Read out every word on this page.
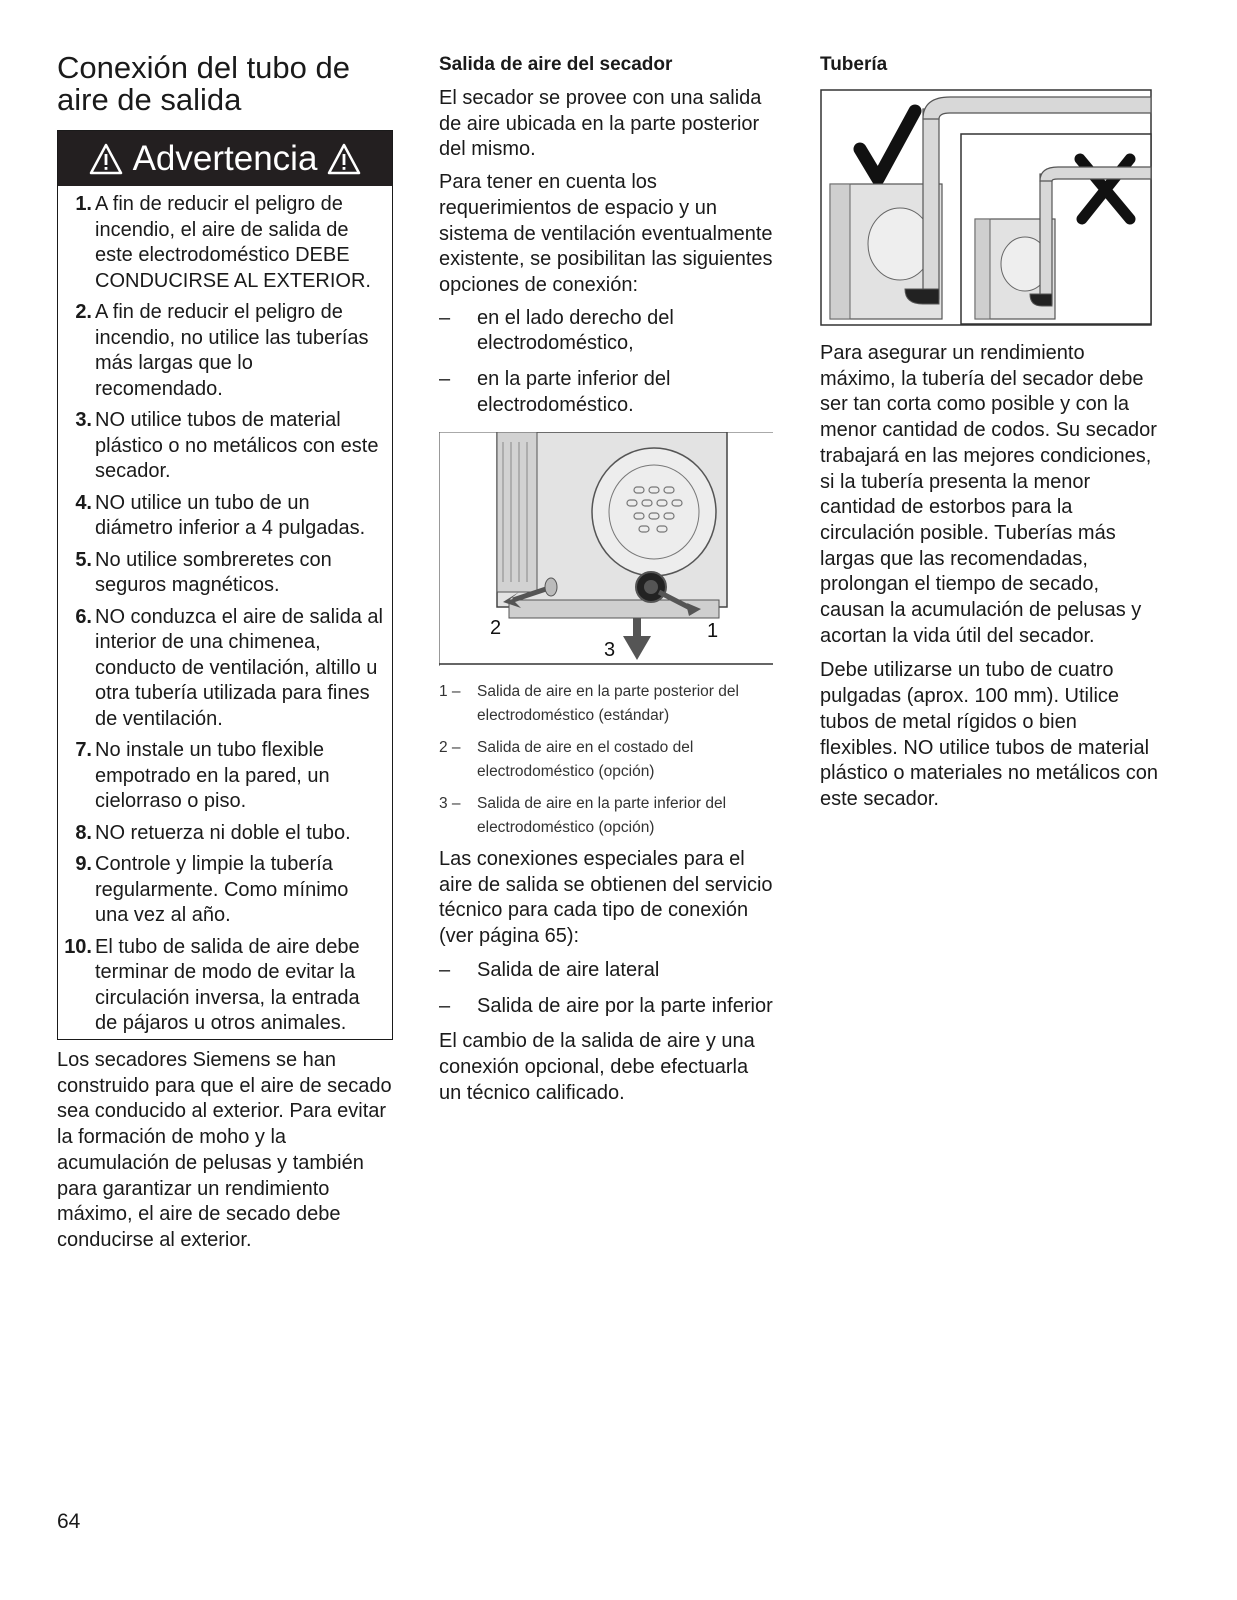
Conexión del tubo de
aire de salida
Advertencia
1. A fin de reducir el peligro de incendio, el aire de salida de este electrodoméstico DEBE CONDUCIRSE AL EXTERIOR.
2. A fin de reducir el peligro de incendio, no utilice las tuberías más largas que lo recomendado.
3. NO utilice tubos de material plástico o no metálicos con este secador.
4. NO utilice un tubo de un diámetro inferior a 4 pulgadas.
5. No utilice sombreretes con seguros magnéticos.
6. NO conduzca el aire de salida al interior de una chimenea, conducto de ventilación, altillo u otra tubería utilizada para fines de ventilación.
7. No instale un tubo flexible empotrado en la pared, un cielorraso o piso.
8. NO retuerza ni doble el tubo.
9. Controle y limpie la tubería regularmente. Como mínimo una vez al año.
10. El tubo de salida de aire debe terminar de modo de evitar la circulación inversa, la entrada de pájaros u otros animales.

Los secadores Siemens se han construido para que el aire de secado sea conducido al exterior. Para evitar la formación de moho y la acumulación de pelusas y también para garantizar un rendimiento máximo, el aire de secado debe conducirse al exterior.

Salida de aire del secador

El secador se provee con una salida de aire ubicada en la parte posterior del mismo.

Para tener en cuenta los requerimientos de espacio y un sistema de ventilación eventualmente existente, se posibilitan las siguientes opciones de conexión:

–	en el lado derecho del electrodoméstico,
–	en la parte inferior del electrodoméstico.
1
2
3
1 –	Salida de aire en la parte posterior del electrodoméstico (estándar)
2 –	Salida de aire en el costado del electrodoméstico (opción)
3 –	Salida de aire en la parte inferior del electrodoméstico (opción)

Las conexiones especiales para el aire de salida se obtienen del servicio técnico para cada tipo de conexión (ver página 65):

–	Salida de aire lateral
–	Salida de aire por la parte inferior

El cambio de la salida de aire y una conexión opcional, debe efectuarla un técnico calificado.

Tubería

Para asegurar un rendimiento máximo, la tubería del secador debe ser tan corta como posible y con la menor cantidad de codos. Su secador trabajará en las mejores condiciones, si la tubería presenta la menor cantidad de estorbos para la circulación posible. Tuberías más largas que las recomendadas, prolongan el tiempo de secado, causan la acumulación de pelusas y acortan la vida útil del secador.

Debe utilizarse un tubo de cuatro pulgadas (aprox. 100 mm). Utilice tubos de metal rígidos o bien flexibles. NO utilice tubos de material plástico o materiales no metálicos con este secador.

64
